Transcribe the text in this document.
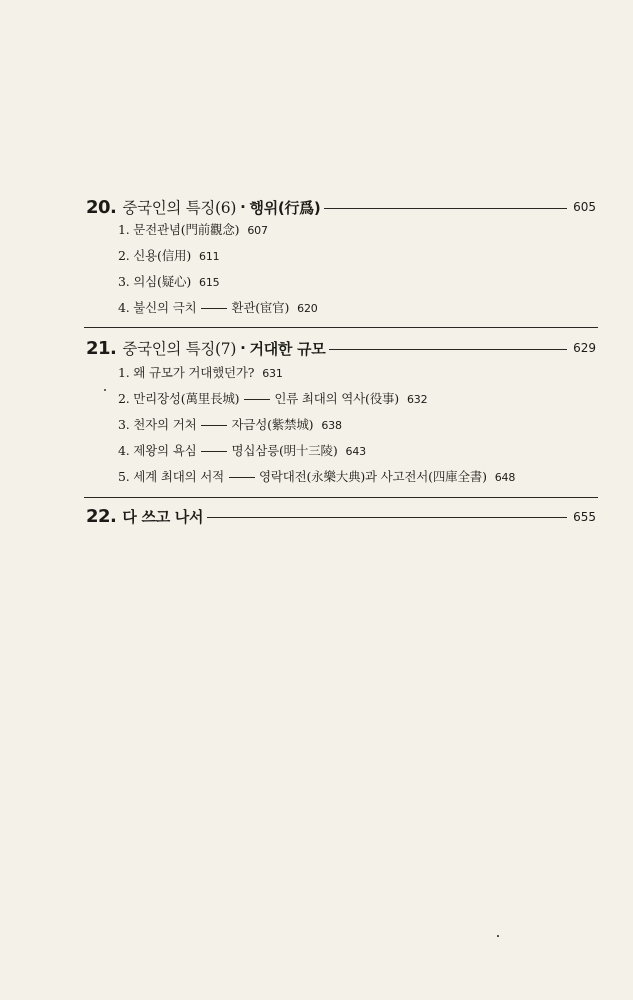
20. 중국인의 특징(6) · 행위(行爲)	605
1. 문전관념(門前觀念) 607
2. 신용(信用) 611
3. 의심(疑心) 615
4. 불신의 극치	환관(宦官) 620
21. 중국인의 특징(7) · 거대한 규모	629
1. 왜 규모가 거대했던가? 631
2. 만리장성(萬里長城)	인류 최대의 역사(役事) 632
3. 천자의 거처	자금성(紫禁城) 638
4. 제왕의 욕심	명십삼릉(明十三陵) 643
5. 세계 최대의 서적	영락대전(永樂大典)과 사고전서(四庫全書) 648
22. 다 쓰고 나서	655
